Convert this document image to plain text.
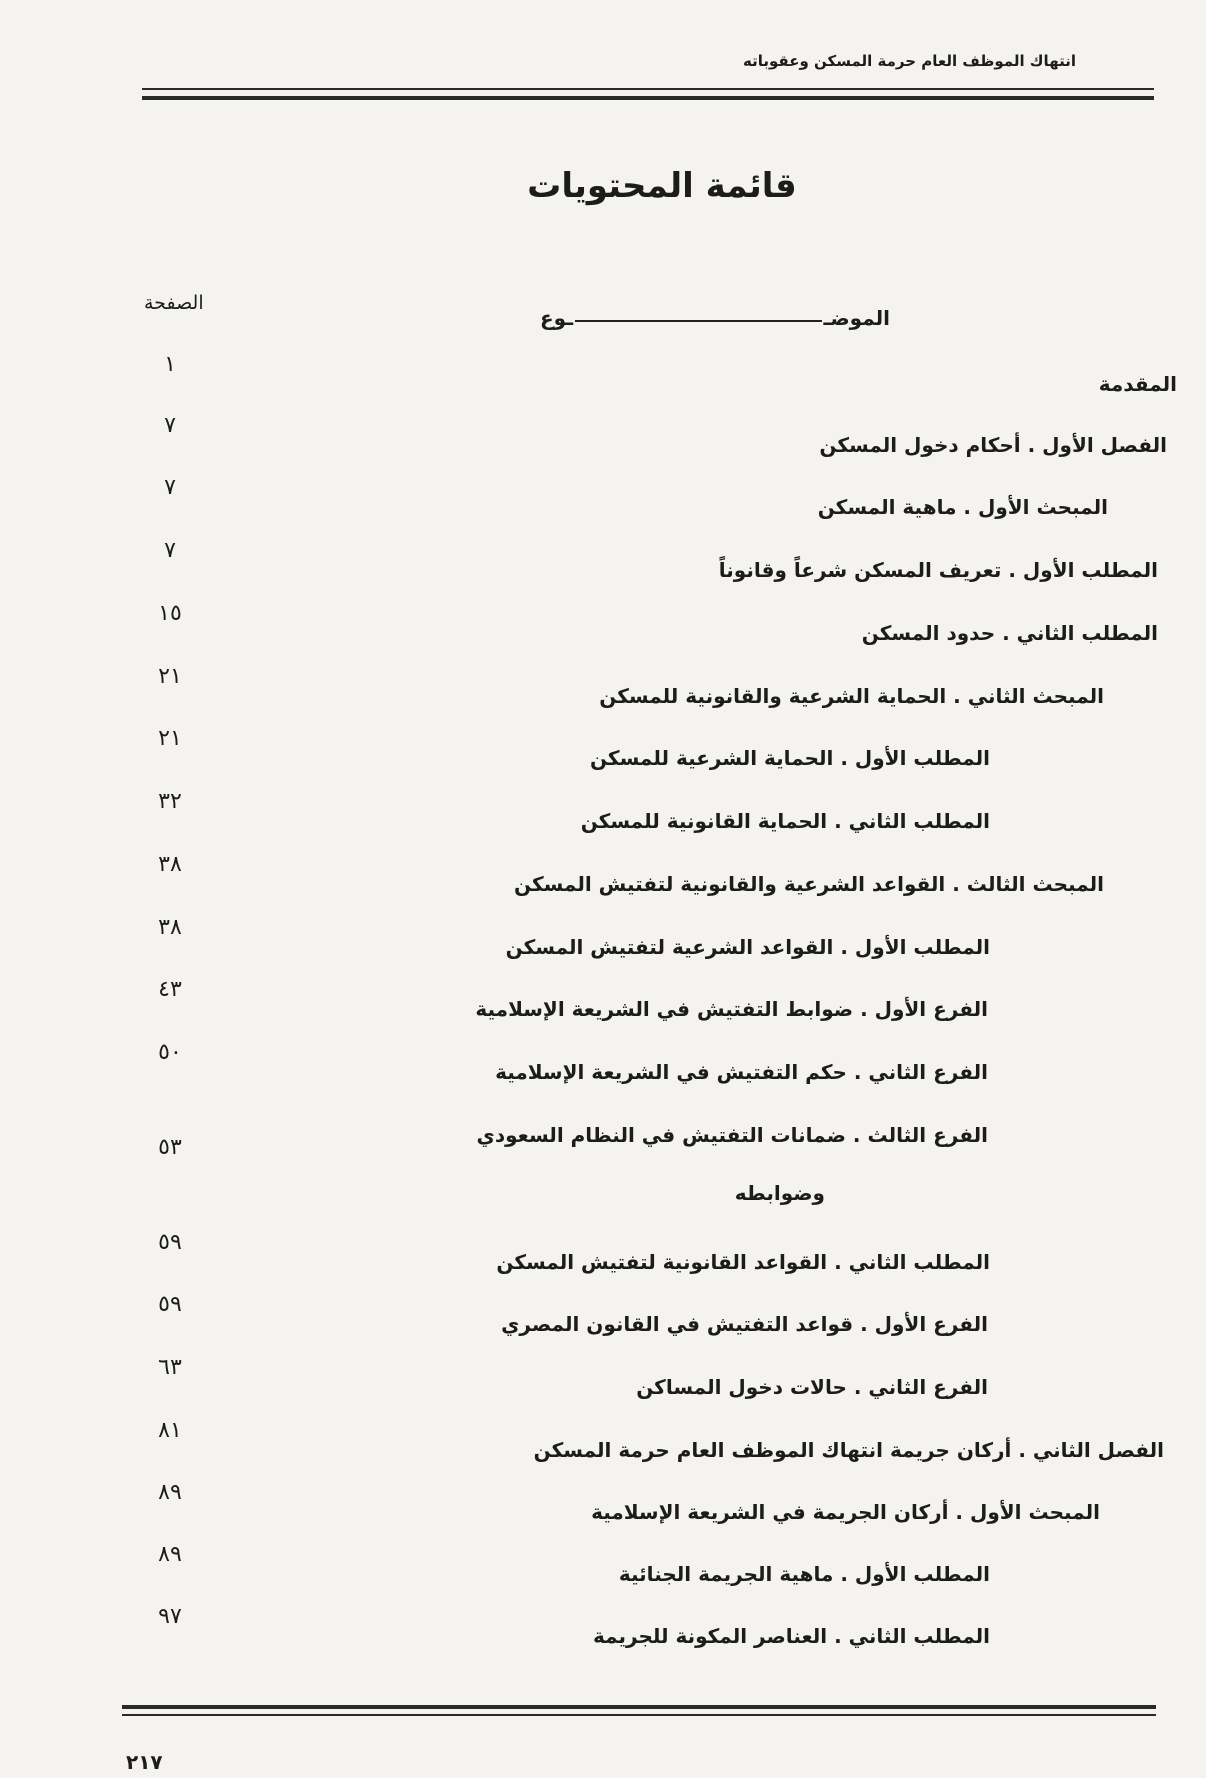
انتهاك الموظف العام حرمة المسكن وعقوباته
قائمة المحتويات
الصفحة
الموضـ
ـوع
المقدمة
١
الفصل الأول . أحكام دخول المسكن
٧
المبحث الأول . ماهية المسكن
٧
المطلب الأول . تعريف المسكن شرعاً وقانوناً
٧
المطلب الثاني . حدود المسكن
١٥
المبحث الثاني . الحماية الشرعية والقانونية للمسكن
٢١
المطلب الأول . الحماية الشرعية للمسكن
٢١
المطلب الثاني . الحماية القانونية للمسكن
٣٢
المبحث الثالث . القواعد الشرعية والقانونية لتفتيش المسكن
٣٨
المطلب الأول . القواعد الشرعية لتفتيش المسكن
٣٨
الفرع الأول . ضوابط التفتيش في الشريعة الإسلامية
٤٣
الفرع الثاني . حكم التفتيش في الشريعة الإسلامية
٥٠
الفرع الثالث . ضمانات التفتيش في النظام السعودي
٥٣
وضوابطه
المطلب الثاني . القواعد القانونية لتفتيش المسكن
٥٩
الفرع الأول . قواعد التفتيش في القانون المصري
٥٩
الفرع الثاني . حالات دخول المساكن
٦٣
الفصل الثاني . أركان جريمة انتهاك الموظف العام حرمة المسكن
٨١
المبحث الأول . أركان الجريمة في الشريعة الإسلامية
٨٩
المطلب الأول . ماهية الجريمة الجنائية
٨٩
المطلب الثاني . العناصر المكونة للجريمة
٩٧
٢١٧
